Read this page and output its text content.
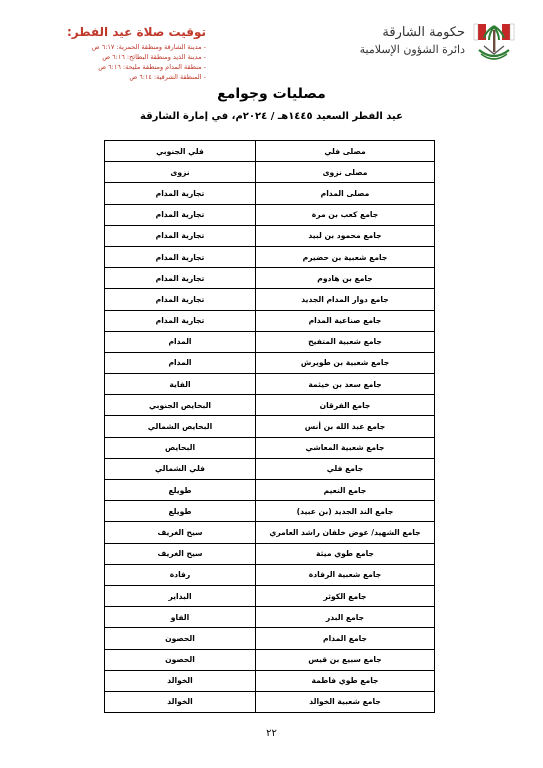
توقيت صلاة عيد الفطر:
- مدينة الشارقة ومنطقة الحمرية: ٦:١٧ ص
- مدينة الذيد ومنطقة البطائح: ٦:١٦ ص
- منطقة المدام ومنطقة مليحة: ٦:١٦ ص
- المنطقة الشرقية: ٦:١٤ ص
حكومة الشارقة
دائرة الشؤون الإسلامية
مصليات وجوامع
عيد الفطر السعيد ١٤٤٥هـ / ٢٠٢٤م، في إمارة الشارقة
مصلى فلي	فلي الجنوبي
مصلى نزوى	نزوى
مصلى المدام	تجارية المدام
جامع كعب بن مرة	تجارية المدام
جامع محمود بن لبيد	تجارية المدام
جامع شعبية بن حضيرم	تجارية المدام
جامع بن هادوم	تجارية المدام
جامع دوار المدام الجديد	تجارية المدام
جامع صناعية المدام	تجارية المدام
جامع شعبية المتفيح	المدام
جامع شعبية بن طويرش	المدام
جامع سعد بن خيثمة	الفاية
جامع الفرقان	البحايص الجنوبي
جامع عبد الله بن أنس	البحايص الشمالي
جامع شعبية المعاشي	البحايص
جامع فلي	فلي الشمالي
جامع النعيم	طويلع
جامع الند الجديد (بن عبيد)	طويلع
جامع الشهيد/ عوض خلفان راشد العامري	سيح الغريف
جامع طوي ميثة	سيح الغريف
جامع شعبية الرفادة	رفادة
جامع الكوثر	البداير
جامع البدر	الفاو
جامع المدام	الحصون
جامع سبيع بن قيس	الحصون
جامع طوي فاطمة	الخوالد
جامع شعبية الخوالد	الخوالد
٢٢
